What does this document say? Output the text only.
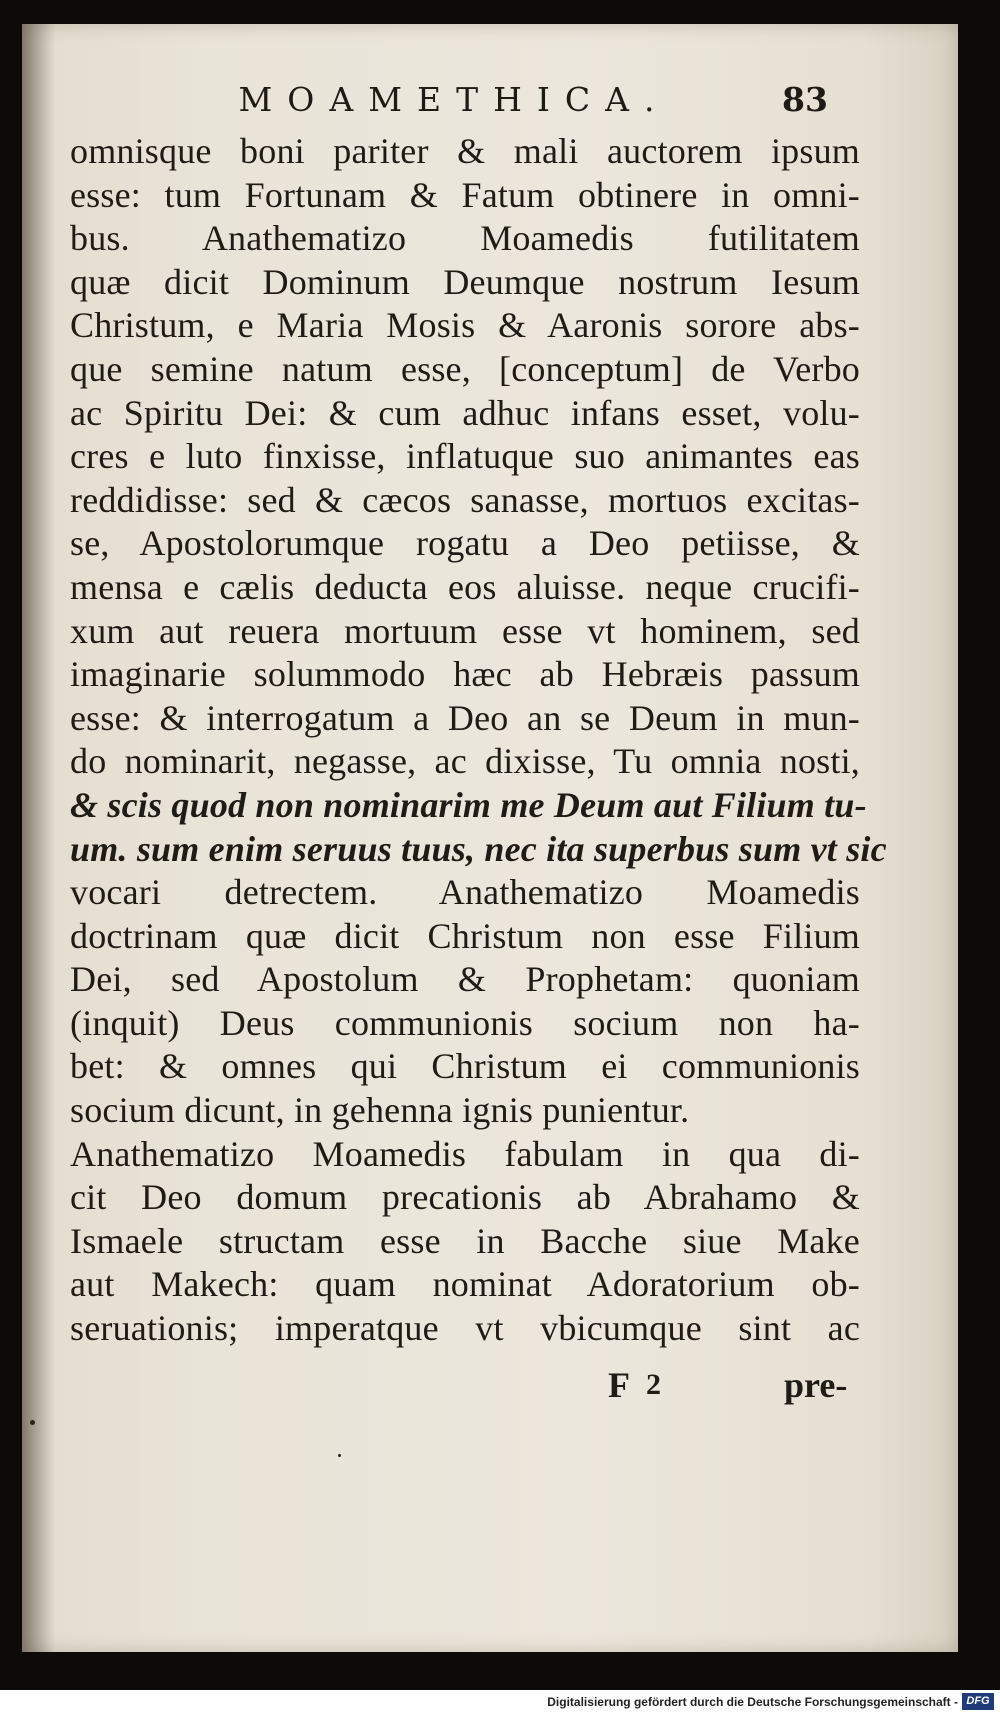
MOAMETHICA.	83
omnisque boni pariter & mali auctorem ipsum
esse: tum Fortunam & Fatum obtinere in omni-
bus. Anathematizo Moamedis futilitatem
quæ dicit Dominum Deumque nostrum Iesum
Christum, e Maria Mosis & Aaronis sorore abs-
que semine natum esse, [conceptum] de Verbo
ac Spiritu Dei: & cum adhuc infans esset, volu-
cres e luto finxisse, inflatuque suo animantes eas
reddidisse: sed & cæcos sanasse, mortuos excitas-
se, Apostolorumque rogatu a Deo petiisse, &
mensa e cælis deducta eos aluisse. neque crucifi-
xum aut reuera mortuum esse vt hominem, sed
imaginarie solummodo hæc ab Hebræis passum
esse: & interrogatum a Deo an se Deum in mun-
do nominarit, negasse, ac dixisse, Tu omnia nosti,
& scis quod non nominarim me Deum aut Filium tu-
um. sum enim seruus tuus, nec ita superbus sum vt sic
vocari detrectem. Anathematizo Moamedis
doctrinam quæ dicit Christum non esse Filium
Dei, sed Apostolum & Prophetam: quoniam
(inquit) Deus communionis socium non ha-
bet: & omnes qui Christum ei communionis
socium dicunt, in gehenna ignis punientur.
Anathematizo Moamedis fabulam in qua di-
cit Deo domum precationis ab Abrahamo &
Ismaele structam esse in Bacche siue Make
aut Makech: quam nominat Adoratorium ob-
seruationis; imperatque vt vbicumque sint ac
F 2	pre-
Digitalisierung gefördert durch die Deutsche Forschungsgemeinschaft - DFG
